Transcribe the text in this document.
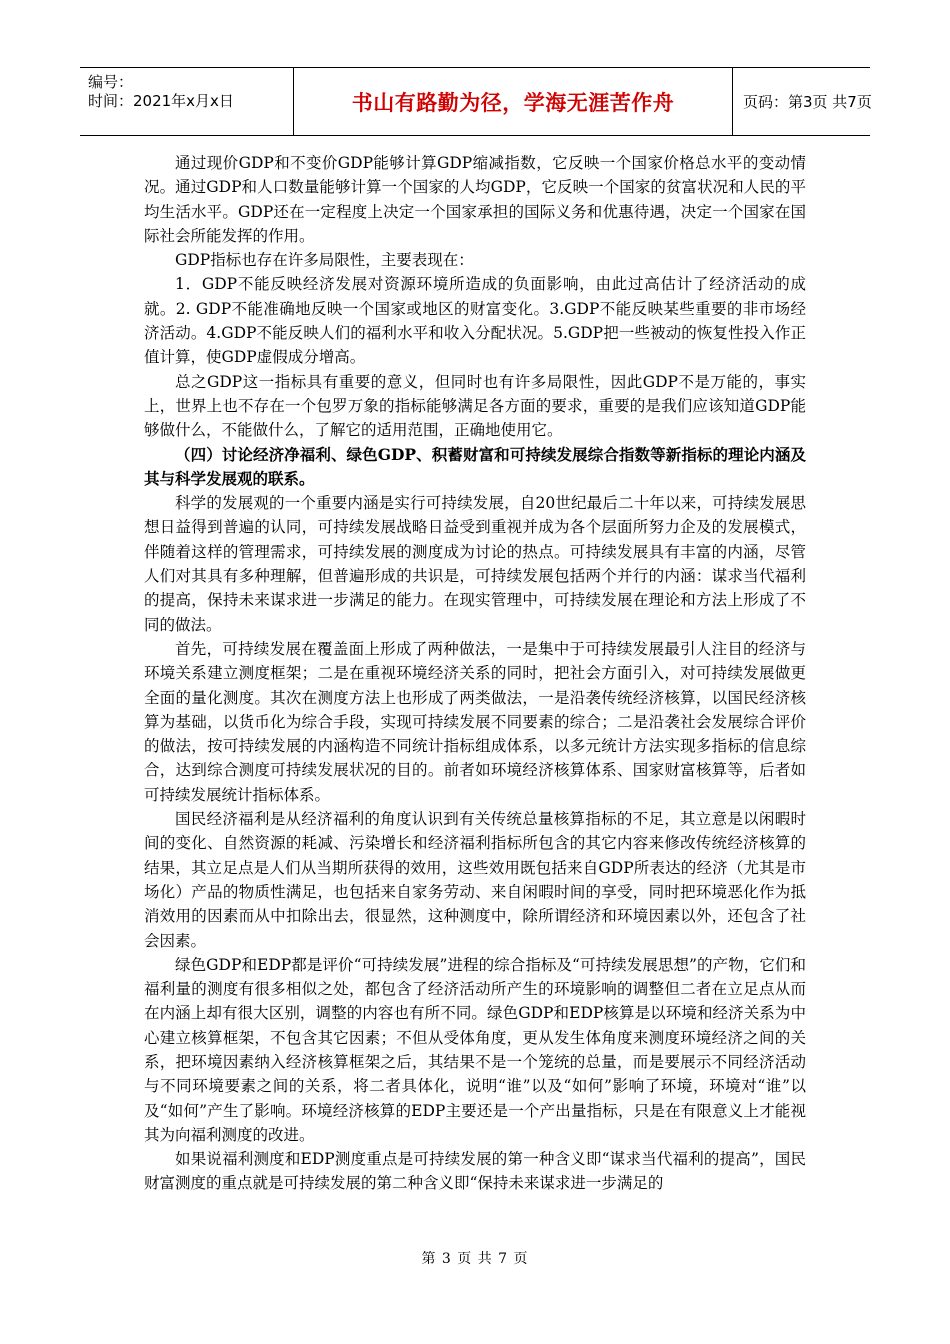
编号：
时间：2021年x月x日	书山有路勤为径，学海无涯苦作舟	页码：第3页 共7页

通过现价GDP和不变价GDP能够计算GDP缩减指数，它反映一个国家价格总水平的变动情况。通过GDP和人口数量能够计算一个国家的人均GDP，它反映一个国家的贫富状况和人民的平均生活水平。GDP还在一定程度上决定一个国家承担的国际义务和优惠待遇，决定一个国家在国际社会所能发挥的作用。

GDP指标也存在许多局限性，主要表现在：

1．GDP不能反映经济发展对资源环境所造成的负面影响，由此过高估计了经济活动的成就。2. GDP不能准确地反映一个国家或地区的财富变化。3.GDP不能反映某些重要的非市场经济活动。4.GDP不能反映人们的福利水平和收入分配状况。5.GDP把一些被动的恢复性投入作正值计算，使GDP虚假成分增高。

总之GDP这一指标具有重要的意义，但同时也有许多局限性，因此GDP不是万能的，事实上，世界上也不存在一个包罗万象的指标能够满足各方面的要求，重要的是我们应该知道GDP能够做什么，不能做什么，了解它的适用范围，正确地使用它。

（四）讨论经济净福利、绿色GDP、积蓄财富和可持续发展综合指数等新指标的理论内涵及其与科学发展观的联系。

科学的发展观的一个重要内涵是实行可持续发展，自20世纪最后二十年以来，可持续发展思想日益得到普遍的认同，可持续发展战略日益受到重视并成为各个层面所努力企及的发展模式，伴随着这样的管理需求，可持续发展的测度成为讨论的热点。可持续发展具有丰富的内涵，尽管人们对其具有多种理解，但普遍形成的共识是，可持续发展包括两个并行的内涵：谋求当代福利的提高，保持未来谋求进一步满足的能力。在现实管理中，可持续发展在理论和方法上形成了不同的做法。

首先，可持续发展在覆盖面上形成了两种做法，一是集中于可持续发展最引人注目的经济与环境关系建立测度框架；二是在重视环境经济关系的同时，把社会方面引入，对可持续发展做更全面的量化测度。其次在测度方法上也形成了两类做法，一是沿袭传统经济核算，以国民经济核算为基础，以货币化为综合手段，实现可持续发展不同要素的综合；二是沿袭社会发展综合评价的做法，按可持续发展的内涵构造不同统计指标组成体系，以多元统计方法实现多指标的信息综合，达到综合测度可持续发展状况的目的。前者如环境经济核算体系、国家财富核算等，后者如可持续发展统计指标体系。

国民经济福利是从经济福利的角度认识到有关传统总量核算指标的不足，其立意是以闲暇时间的变化、自然资源的耗减、污染增长和经济福利指标所包含的其它内容来修改传统经济核算的结果，其立足点是人们从当期所获得的效用，这些效用既包括来自GDP所表达的经济（尤其是市场化）产品的物质性满足，也包括来自家务劳动、来自闲暇时间的享受，同时把环境恶化作为抵消效用的因素而从中扣除出去，很显然，这种测度中，除所谓经济和环境因素以外，还包含了社会因素。

绿色GDP和EDP都是评价“可持续发展”进程的综合指标及“可持续发展思想”的产物，它们和福利量的测度有很多相似之处，都包含了经济活动所产生的环境影响的调整但二者在立足点从而在内涵上却有很大区别，调整的内容也有所不同。绿色GDP和EDP核算是以环境和经济关系为中心建立核算框架，不包含其它因素；不但从受体角度，更从发生体角度来测度环境经济之间的关系，把环境因素纳入经济核算框架之后，其结果不是一个笼统的总量，而是要展示不同经济活动与不同环境要素之间的关系，将二者具体化，说明“谁”以及“如何”影响了环境，环境对“谁”以及“如何”产生了影响。环境经济核算的EDP主要还是一个产出量指标，只是在有限意义上才能视其为向福利测度的改进。

如果说福利测度和EDP测度重点是可持续发展的第一种含义即“谋求当代福利的提高”，国民财富测度的重点就是可持续发展的第二种含义即“保持未来谋求进一步满足的

第 3 页 共 7 页
